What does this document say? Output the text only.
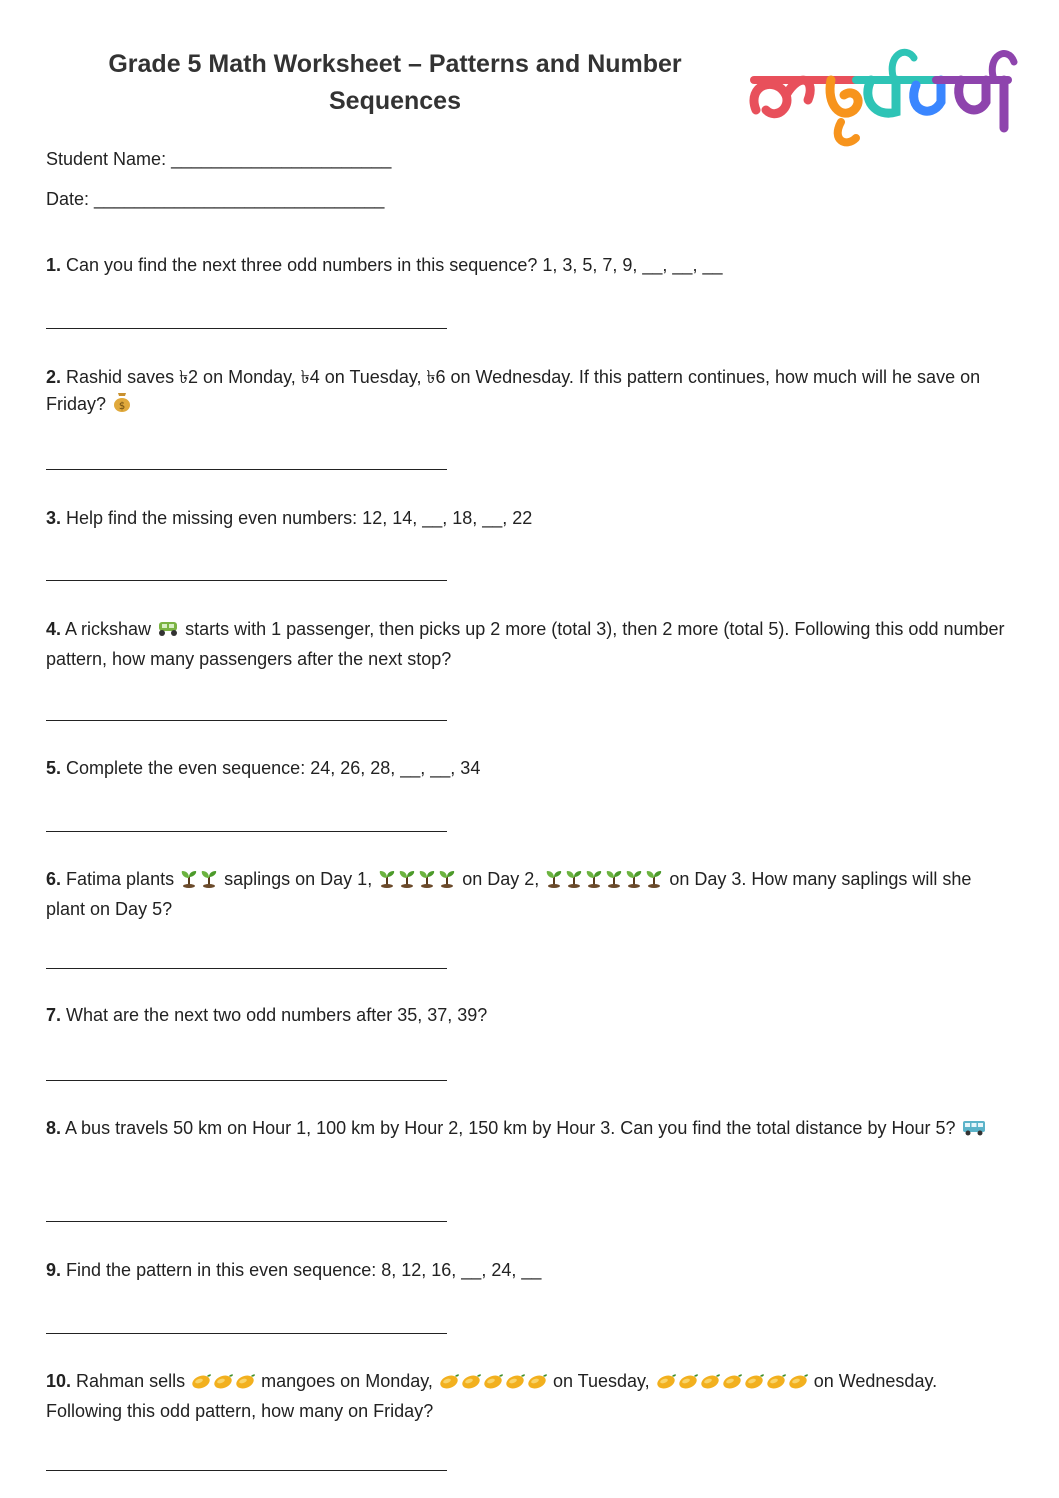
Grade 5 Math Worksheet – Patterns and Number Sequences
Student Name: ______________________
Date: _____________________________
1. Can you find the next three odd numbers in this sequence? 1, 3, 5, 7, 9, __, __, __
2. Rashid saves ৳2 on Monday, ৳4 on Tuesday, ৳6 on Wednesday. If this pattern continues, how much will he save on Friday? $
3. Help find the missing even numbers: 12, 14, __, 18, __, 22
4. A rickshaw starts with 1 passenger, then picks up 2 more (total 3), then 2 more (total 5). Following this odd number pattern, how many passengers after the next stop?
5. Complete the even sequence: 24, 26, 28, __, __, 34
6. Fatima plants	saplings on Day 1,	on Day 2,	on Day 3. How many saplings will she plant on Day 5?
7. What are the next two odd numbers after 35, 37, 39?
8. A bus travels 50 km on Hour 1, 100 km by Hour 2, 150 km by Hour 3. Can you find the total distance by Hour 5?
9. Find the pattern in this even sequence: 8, 12, 16, __, 24, __
10. Rahman sells	mangoes on Monday,	on Tuesday,	on Wednesday. Following this odd pattern, how many on Friday?
